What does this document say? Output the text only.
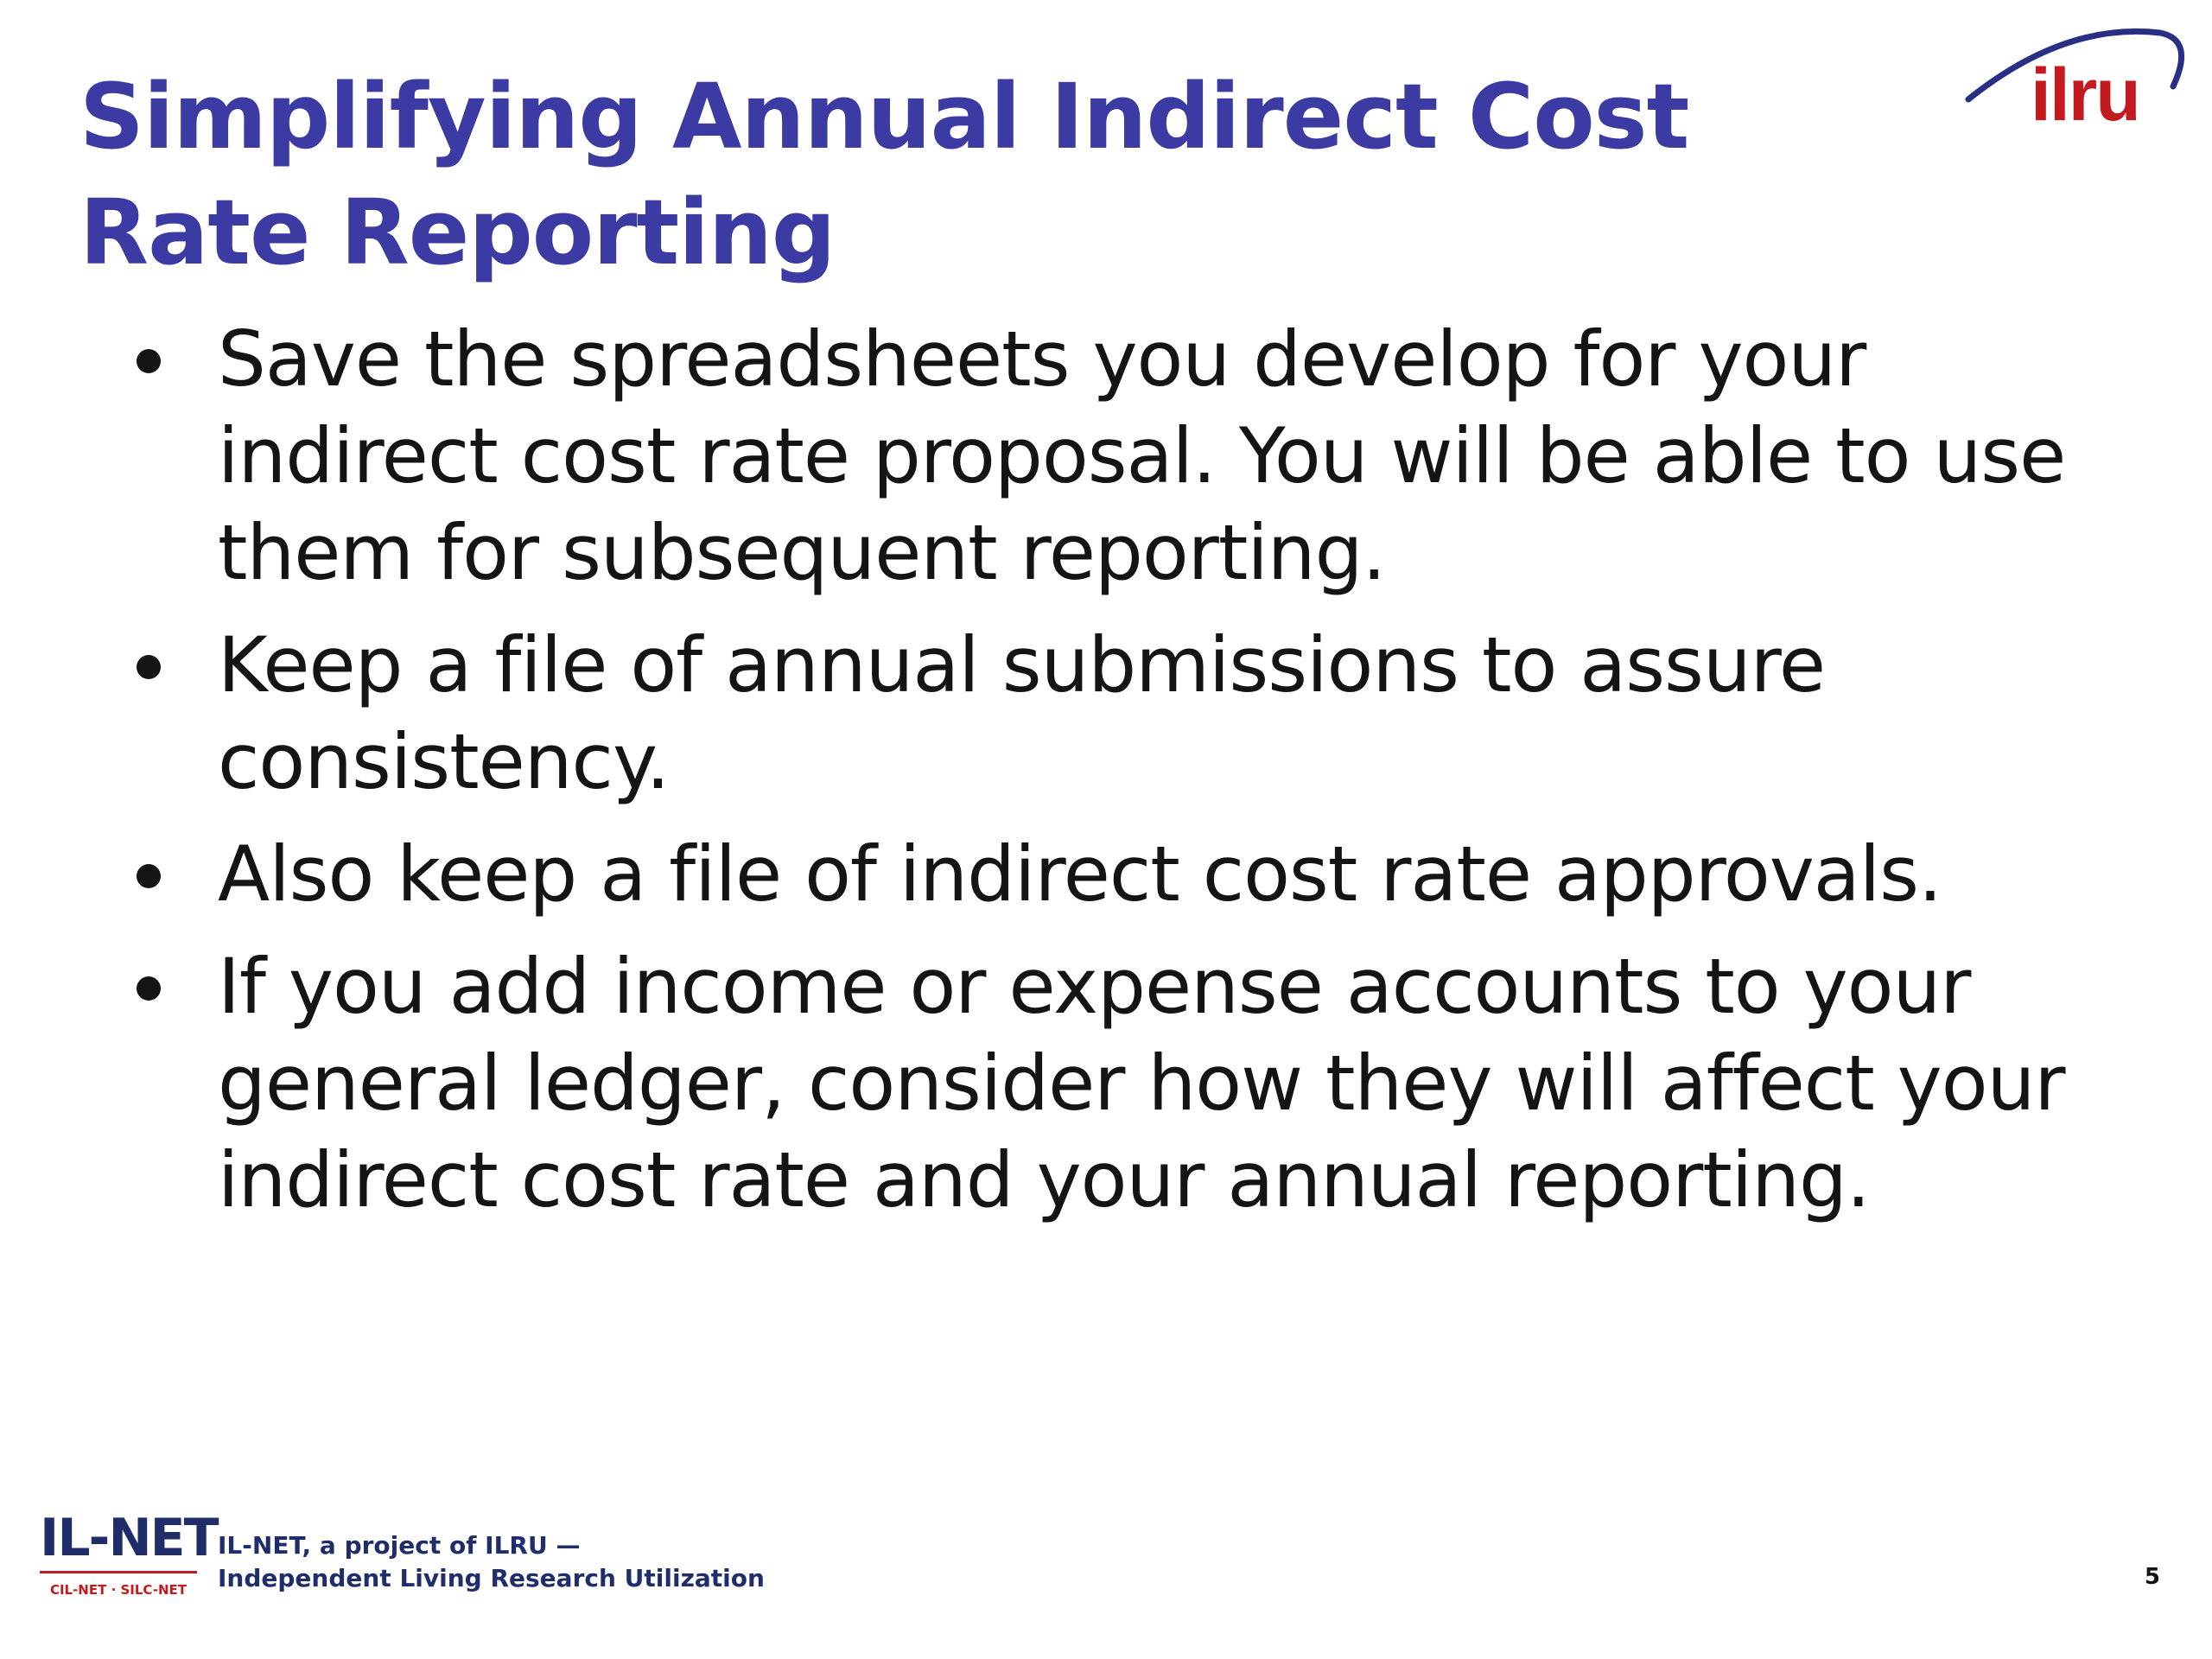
Simplifying Annual Indirect Cost Rate Reporting
ilru
Save the spreadsheets you develop for your indirect cost rate proposal. You will be able to use them for subsequent reporting.
Keep a file of annual submissions to assure consistency.
Also keep a file of indirect cost rate approvals.
If you add income or expense accounts to your general ledger, consider how they will affect your indirect cost rate and your annual reporting.
IL-NET
CIL-NET · SILC-NET
IL-NET, a project of ILRU —
Independent Living Research Utilization	5
